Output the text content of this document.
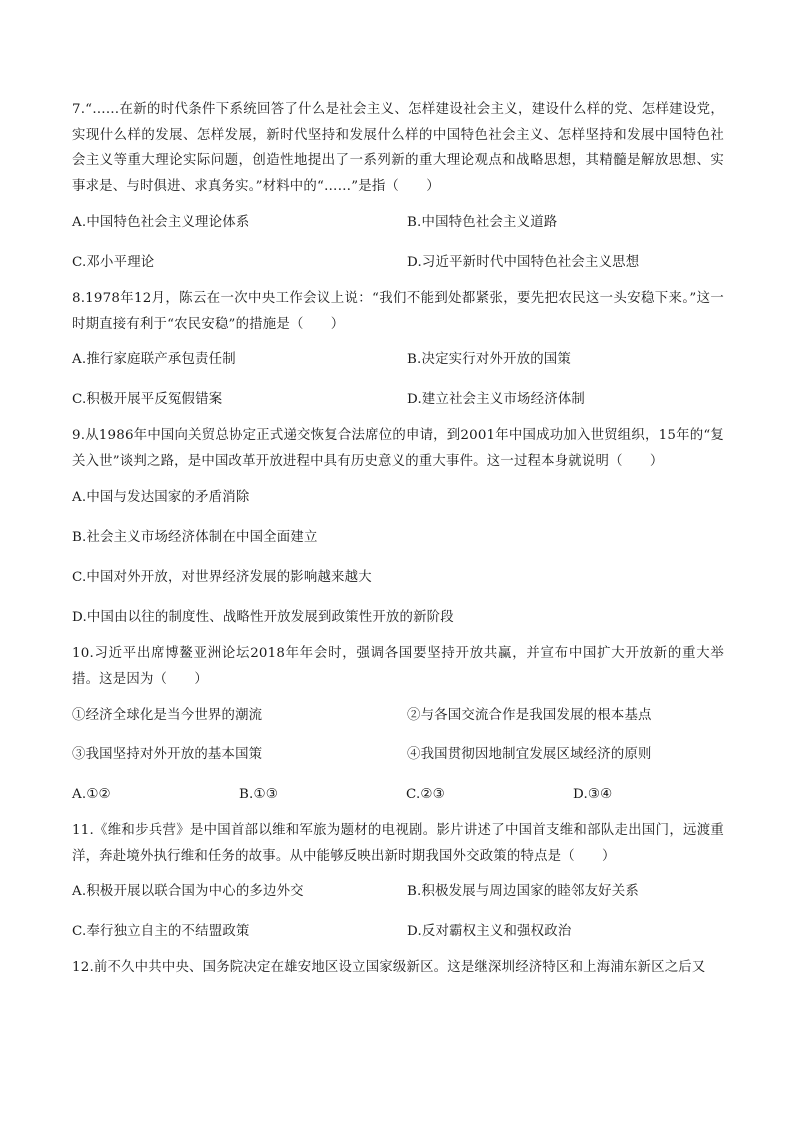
7.“……在新的时代条件下系统回答了什么是社会主义、怎样建设社会主义，建设什么样的党、怎样建设党，实现什么样的发展、怎样发展，新时代坚持和发展什么样的中国特色社会主义、怎样坚持和发展中国特色社会主义等重大理论实际问题，创造性地提出了一系列新的重大理论观点和战略思想，其精髓是解放思想、实事求是、与时俱进、求真务实。”材料中的“……”是指（　　）

A.中国特色社会主义理论体系	B.中国特色社会主义道路
C.邓小平理论	D.习近平新时代中国特色社会主义思想

8.1978年12月，陈云在一次中央工作会议上说：“我们不能到处都紧张，要先把农民这一头安稳下来。”这一时期直接有利于“农民安稳”的措施是（　　）

A.推行家庭联产承包责任制	B.决定实行对外开放的国策
C.积极开展平反冤假错案	D.建立社会主义市场经济体制

9.从1986年中国向关贸总协定正式递交恢复合法席位的申请，到2001年中国成功加入世贸组织，15年的“复关入世”谈判之路，是中国改革开放进程中具有历史意义的重大事件。这一过程本身就说明（　　）

A.中国与发达国家的矛盾消除
B.社会主义市场经济体制在中国全面建立
C.中国对外开放，对世界经济发展的影响越来越大
D.中国由以往的制度性、战略性开放发展到政策性开放的新阶段

10.习近平出席博鳌亚洲论坛2018年年会时，强调各国要坚持开放共赢，并宣布中国扩大开放新的重大举措。这是因为（　　）

①经济全球化是当今世界的潮流	②与各国交流合作是我国发展的根本基点
③我国坚持对外开放的基本国策	④我国贯彻因地制宜发展区域经济的原则
A.①②	B.①③	C.②③	D.③④

11.《维和步兵营》是中国首部以维和军旅为题材的电视剧。影片讲述了中国首支维和部队走出国门，远渡重洋，奔赴境外执行维和任务的故事。从中能够反映出新时期我国外交政策的特点是（　　）

A.积极开展以联合国为中心的多边外交	B.积极发展与周边国家的睦邻友好关系
C.奉行独立自主的不结盟政策	D.反对霸权主义和强权政治

12.前不久中共中央、国务院决定在雄安地区设立国家级新区。这是继深圳经济特区和上海浦东新区之后又
